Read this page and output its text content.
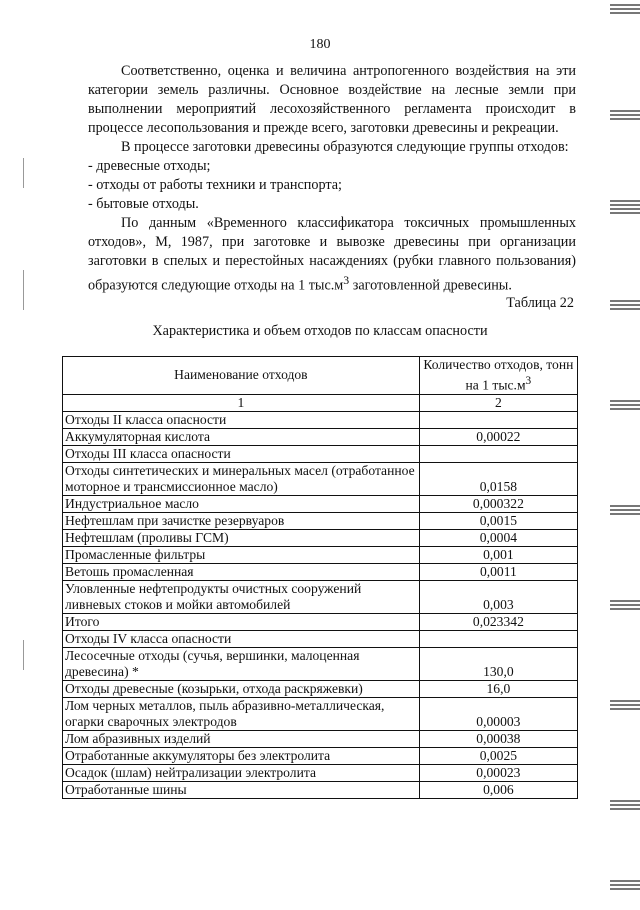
180

Соответственно, оценка и величина антропогенного воздействия на эти категории земель различны. Основное воздействие на лесные земли при выполнении мероприятий лесохозяйственного регламента происходит в процессе лесопользования и прежде всего, заготовки древесины и рекреации.

В процессе заготовки древесины образуются следующие группы отходов:

- древесные отходы;

- отходы от работы техники и транспорта;

- бытовые отходы.

По данным «Временного классификатора токсичных промышленных отходов», М, 1987, при заготовке и вывозке древесины при организации заготовки в спелых и перестойных насаждениях (рубки главного пользования) образуются следующие отходы на 1 $тыс.м^3$ заготовленной древесины.

Таблица 22
Характеристика и объем отходов по классам опасности
Наименование отходов	Количество отходов, тонн на 1 $тыс.м^3$
1	2
Отходы II класса опасности	
Аккумуляторная кислота	0,00022
Отходы III класса опасности	
Отходы синтетических и минеральных масел (отработанное моторное и трансмиссионное масло)	0,0158
Индустриальное масло	0,000322
Нефтешлам при зачистке резервуаров	0,0015
Нефтешлам (проливы ГСМ)	0,0004
Промасленные фильтры	0,001
Ветошь промасленная	0,0011
Уловленные нефтепродукты очистных сооружений ливневых стоков и мойки автомобилей	0,003
Итого	0,023342
Отходы IV класса опасности	
Лесосечные отходы (сучья, вершинки, малоценная древесина) *	130,0
Отходы древесные (козырьки, отхода раскряжевки)	16,0
Лом черных металлов, пыль абразивно-металлическая, огарки сварочных электродов	0,00003
Лом абразивных изделий	0,00038
Отработанные аккумуляторы без электролита	0,0025
Осадок (шлам) нейтрализации электролита	0,00023
Отработанные шины	0,006
